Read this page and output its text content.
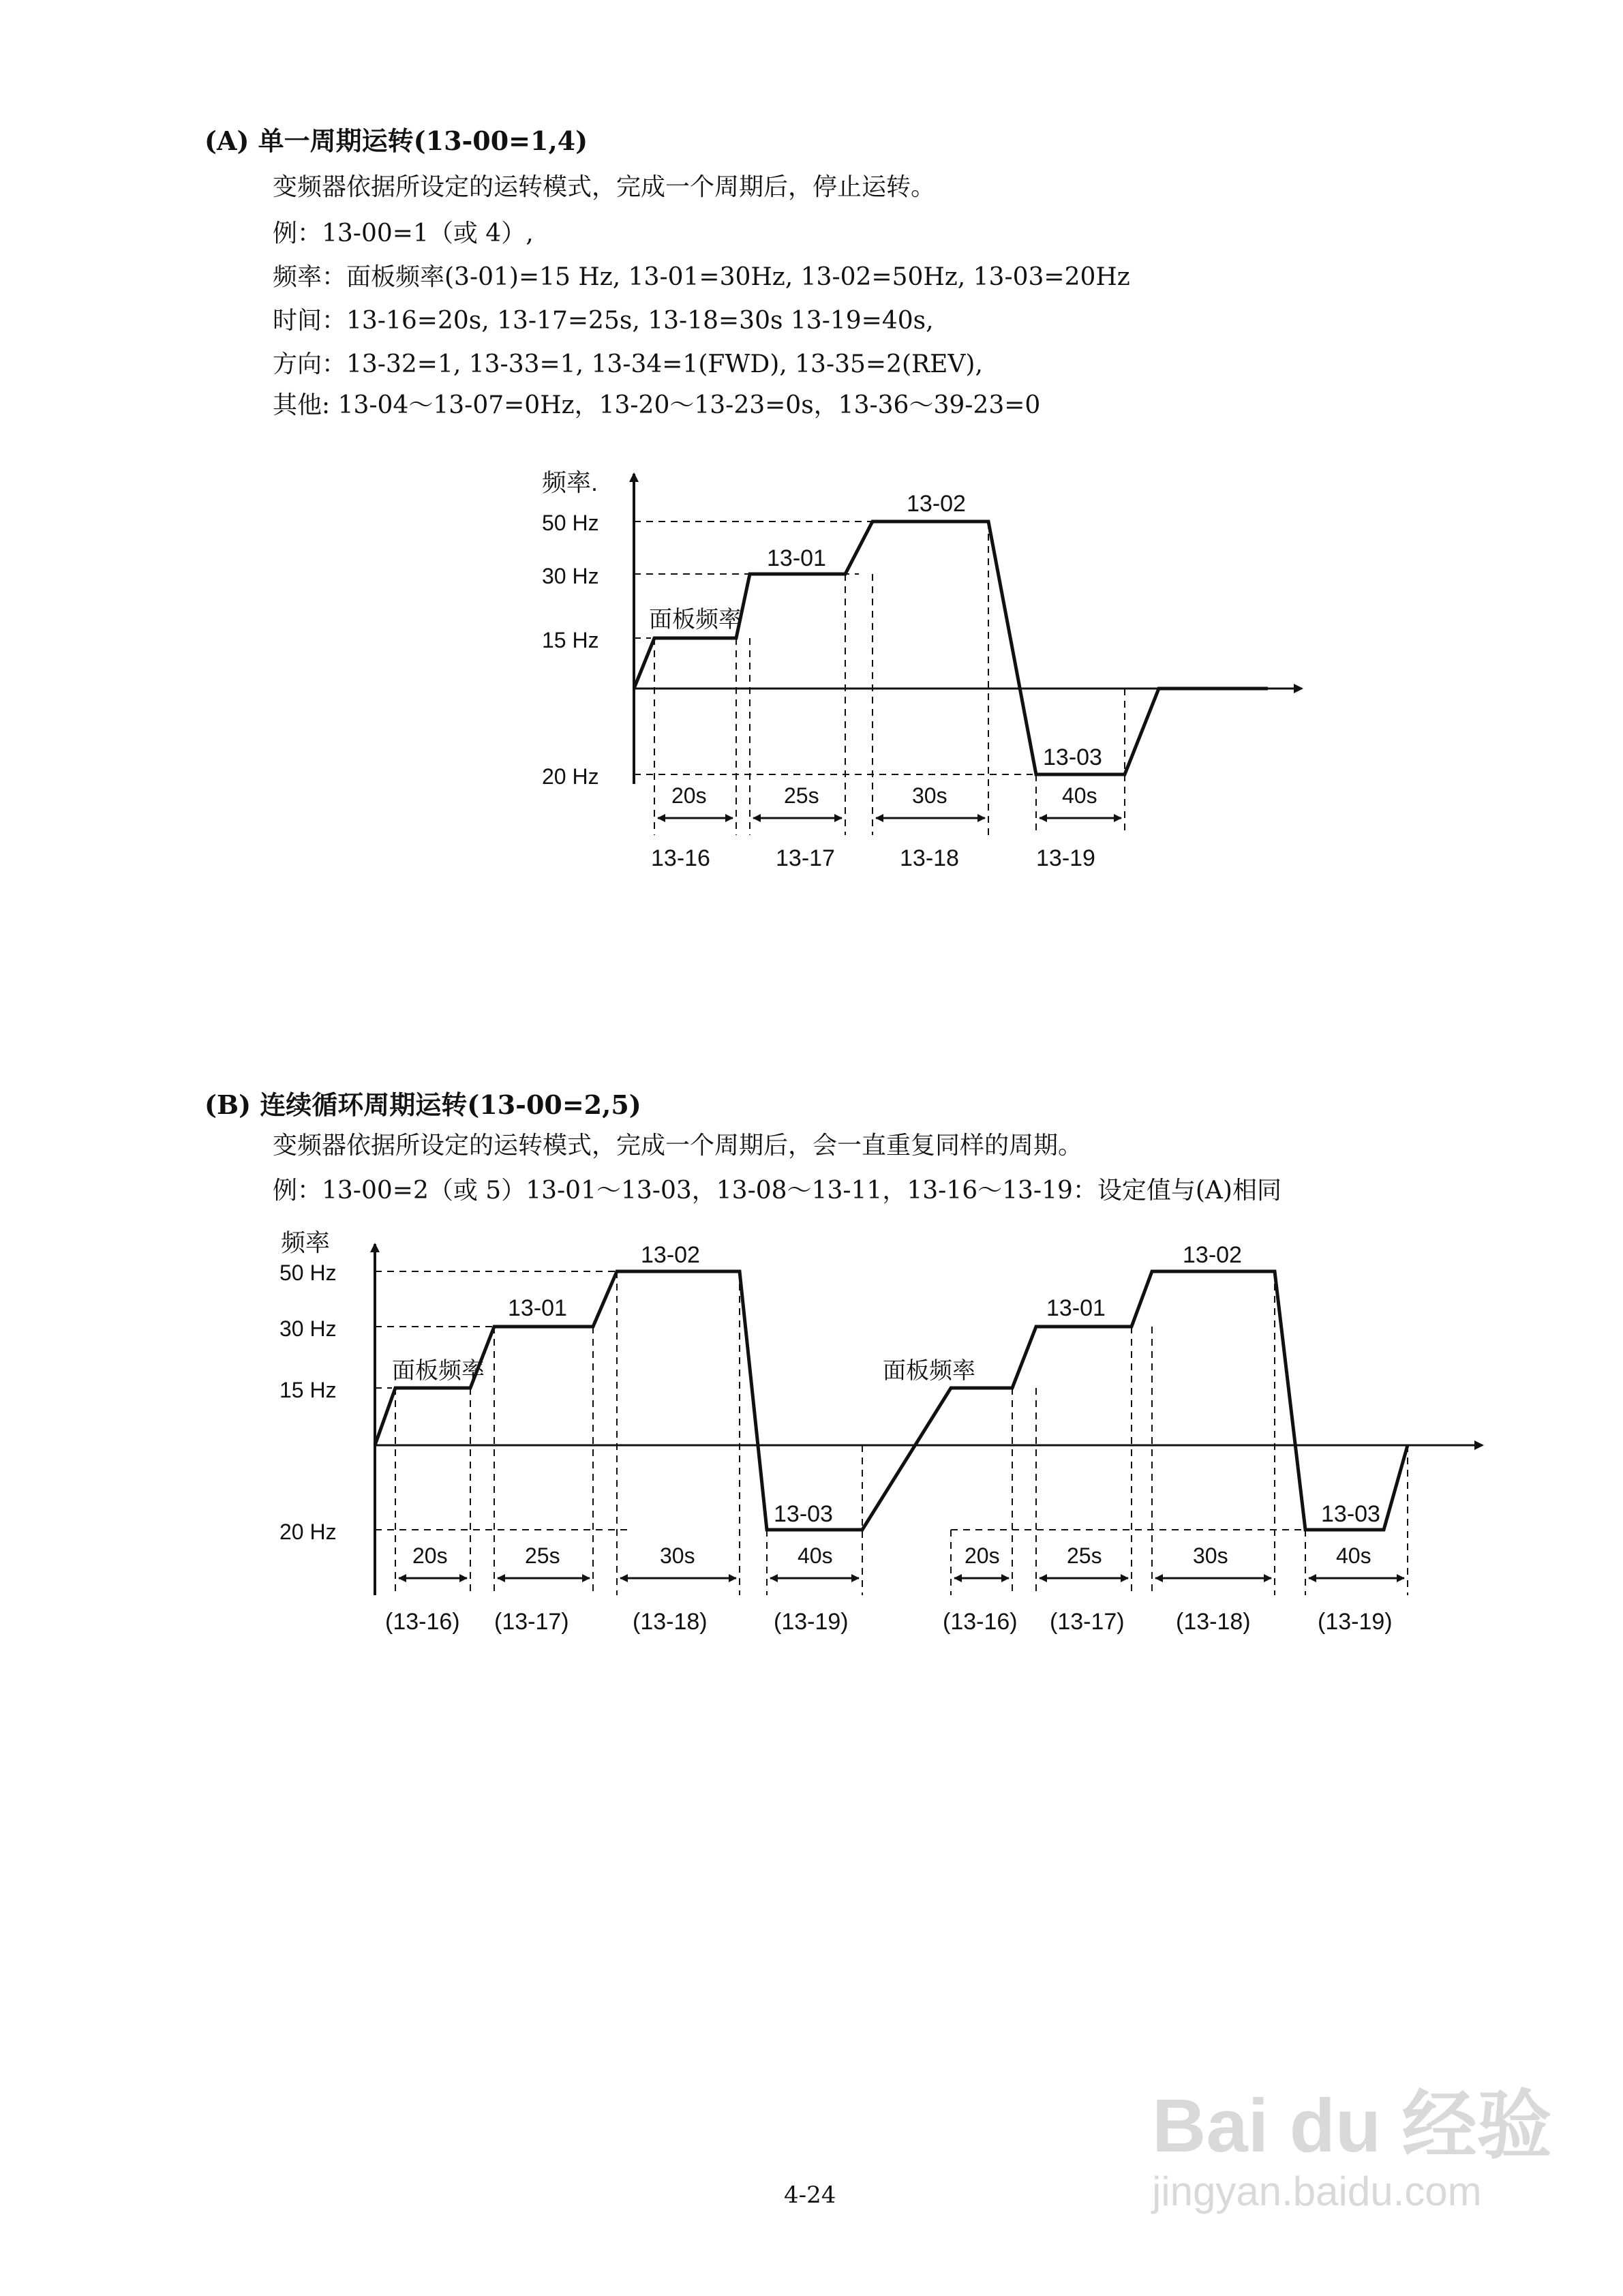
(A) 单一周期运转(13-00=1,4)
变频器依据所设定的运转模式，完成一个周期后，停止运转。
例：13-00=1（或 4）,
频率：面板频率(3-01)=15 Hz, 13-01=30Hz, 13-02=50Hz, 13-03=20Hz
时间：13-16=20s, 13-17=25s, 13-18=30s 13-19=40s,
方向：13-32=1, 13-33=1, 13-34=1(FWD), 13-35=2(REV),
其他: 13-04～13-07=0Hz，13-20～13-23=0s，13-36～39-23=0
频率.
50 Hz
30 Hz
15 Hz
20 Hz
面板频率
13-01
13-02
13-03
20s	25s	30s	40s
13-16	13-17	13-18	13-19
(B) 连续循环周期运转(13-00=2,5)
变频器依据所设定的运转模式，完成一个周期后，会一直重复同样的周期。
例：13-00=2（或 5）13-01～13-03，13-08～13-11，13-16～13-19：设定值与(A)相同
频率
50 Hz
30 Hz
15 Hz
20 Hz
面板频率
13-01
13-02
13-03
面板频率
13-01
13-02
13-03
20s	25s	30s	40s	20s	25s	30s	40s
(13-16) (13-17)	(13-18)	(13-19)	(13-16) (13-17) (13-18)	(13-19)
Bai du 经验
jingyan.baidu.com
4-24
